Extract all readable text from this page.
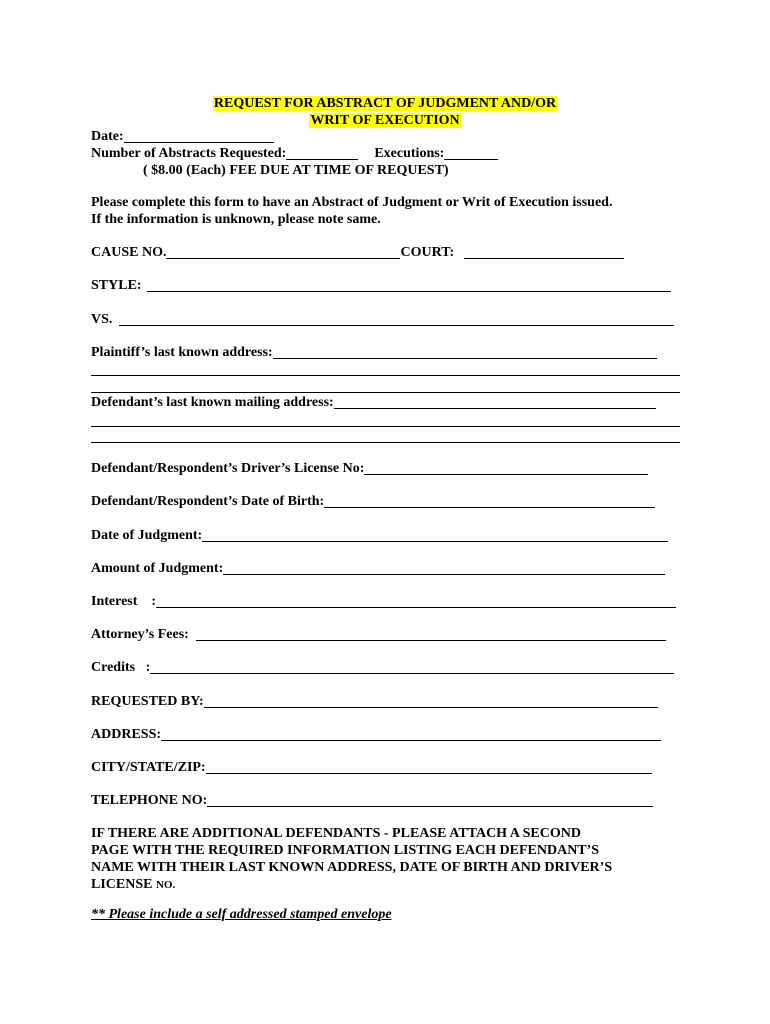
REQUEST FOR ABSTRACT OF JUDGMENT AND/OR
WRIT OF EXECUTION
Date:
Number of Abstracts Requested:	Executions:
( $8.00 (Each) FEE DUE AT TIME OF REQUEST)
Please complete this form to have an Abstract of Judgment or Writ of Execution issued.
If the information is unknown, please note same.
CAUSE NO.	COURT:
STYLE:
VS.
Plaintiff’s last known address:
Defendant’s last known mailing address:
Defendant/Respondent’s Driver’s License No:
Defendant/Respondent’s Date of Birth:
Date of Judgment:
Amount of Judgment:
Interest    :
Attorney’s Fees:
Credits   :
REQUESTED BY:
ADDRESS:
CITY/STATE/ZIP:
TELEPHONE NO:
IF THERE ARE ADDITIONAL DEFENDANTS - PLEASE ATTACH A SECOND
PAGE WITH THE REQUIRED INFORMATION LISTING EACH DEFENDANT’S
NAME WITH THEIR LAST KNOWN ADDRESS, DATE OF BIRTH AND DRIVER’S
LICENSE NO.
** Please include a self addressed stamped envelope
